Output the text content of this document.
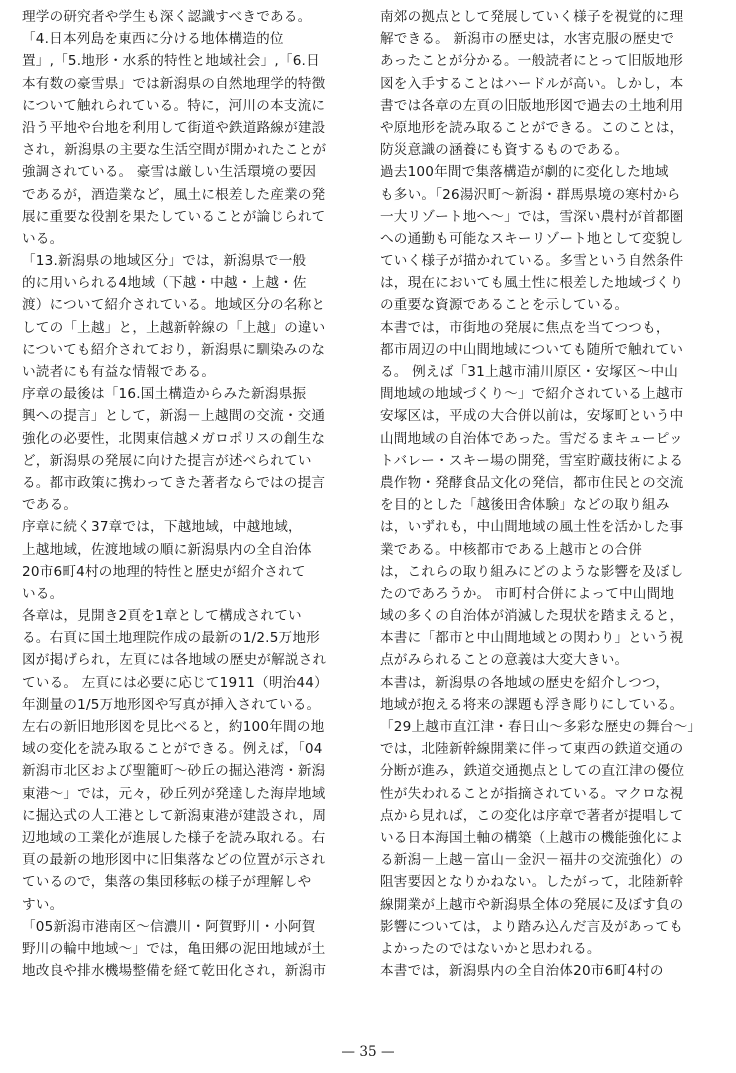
理学の研究者や学生も深く認識すべきである。
「4.日本列島を東西に分ける地体構造的位
置」,「5.地形・水系的特性と地域社会」,「6.日
本有数の豪雪県」では新潟県の自然地理学的特徴
について触れられている。特に，河川の本支流に
沿う平地や台地を利用して街道や鉄道路線が建設
され，新潟県の主要な生活空間が開かれたことが
強調されている。 豪雪は厳しい生活環境の要因
であるが，酒造業など，風土に根差した産業の発
展に重要な役割を果たしていることが論じられて
いる。
「13.新潟県の地域区分」では，新潟県で一般
的に用いられる4地域（下越・中越・上越・佐
渡）について紹介されている。地域区分の名称と
しての「上越」と，上越新幹線の「上越」の違い
についても紹介されており，新潟県に馴染みのな
い読者にも有益な情報である。
序章の最後は「16.国土構造からみた新潟県振
興への提言」として，新潟－上越間の交流・交通
強化の必要性，北関東信越メガロポリスの創生な
ど，新潟県の発展に向けた提言が述べられてい
る。都市政策に携わってきた著者ならではの提言
である。
序章に続く37章では，下越地域，中越地域，
上越地域，佐渡地域の順に新潟県内の全自治体
20市6町4村の地理的特性と歴史が紹介されて
いる。
各章は，見開き2頁を1章として構成されてい
る。右頁に国土地理院作成の最新の1/2.5万地形
図が掲げられ，左頁には各地域の歴史が解説され
ている。 左頁には必要に応じて1911（明治44）
年測量の1/5万地形図や写真が挿入されている。
左右の新旧地形図を見比べると，約100年間の地
域の変化を読み取ることができる。例えば，「04
新潟市北区および聖籠町～砂丘の掘込港湾・新潟
東港～」では，元々，砂丘列が発達した海岸地域
に掘込式の人工港として新潟東港が建設され，周
辺地域の工業化が進展した様子を読み取れる。右
頁の最新の地形図中に旧集落などの位置が示され
ているので，集落の集団移転の様子が理解しや
すい。
「05新潟市港南区～信濃川・阿賀野川・小阿賀
野川の輪中地域～」では，亀田郷の泥田地域が土
地改良や排水機場整備を経て乾田化され，新潟市
南郊の拠点として発展していく様子を視覚的に理
解できる。 新潟市の歴史は，水害克服の歴史で
あったことが分かる。一般読者にとって旧版地形
図を入手することはハードルが高い。しかし，本
書では各章の左頁の旧版地形図で過去の土地利用
や原地形を読み取ることができる。このことは，
防災意識の涵養にも資するものである。
過去100年間で集落構造が劇的に変化した地域
も多い。「26湯沢町～新潟・群馬県境の寒村から
一大リゾート地へ～」では，雪深い農村が首都圏
への通勤も可能なスキーリゾート地として変貌し
ていく様子が描かれている。多雪という自然条件
は，現在においても風土性に根差した地域づくり
の重要な資源であることを示している。
本書では，市街地の発展に焦点を当てつつも，
都市周辺の中山間地域についても随所で触れてい
る。 例えば「31上越市浦川原区・安塚区～中山
間地域の地域づくり～」で紹介されている上越市
安塚区は，平成の大合併以前は，安塚町という中
山間地域の自治体であった。雪だるまキューピッ
トバレー・スキー場の開発，雪室貯蔵技術による
農作物・発酵食品文化の発信，都市住民との交流
を目的とした「越後田舎体験」などの取り組み
は，いずれも，中山間地域の風土性を活かした事
業である。中核都市である上越市との合併
は，これらの取り組みにどのような影響を及ぼし
たのであろうか。 市町村合併によって中山間地
域の多くの自治体が消滅した現状を踏まえると，
本書に「都市と中山間地域との関わり」という視
点がみられることの意義は大変大きい。
本書は，新潟県の各地域の歴史を紹介しつつ，
地域が抱える将来の課題も浮き彫りにしている。
「29上越市直江津・春日山～多彩な歴史の舞台～」
では，北陸新幹線開業に伴って東西の鉄道交通の
分断が進み，鉄道交通拠点としての直江津の優位
性が失われることが指摘されている。マクロな視
点から見れば，この変化は序章で著者が提唱して
いる日本海国土軸の構築（上越市の機能強化によ
る新潟－上越－富山－金沢－福井の交流強化）の
阻害要因となりかねない。したがって，北陸新幹
線開業が上越市や新潟県全体の発展に及ぼす負の
影響については，より踏み込んだ言及があっても
よかったのではないかと思われる。
本書では，新潟県内の全自治体20市6町4村の
— 35 —
